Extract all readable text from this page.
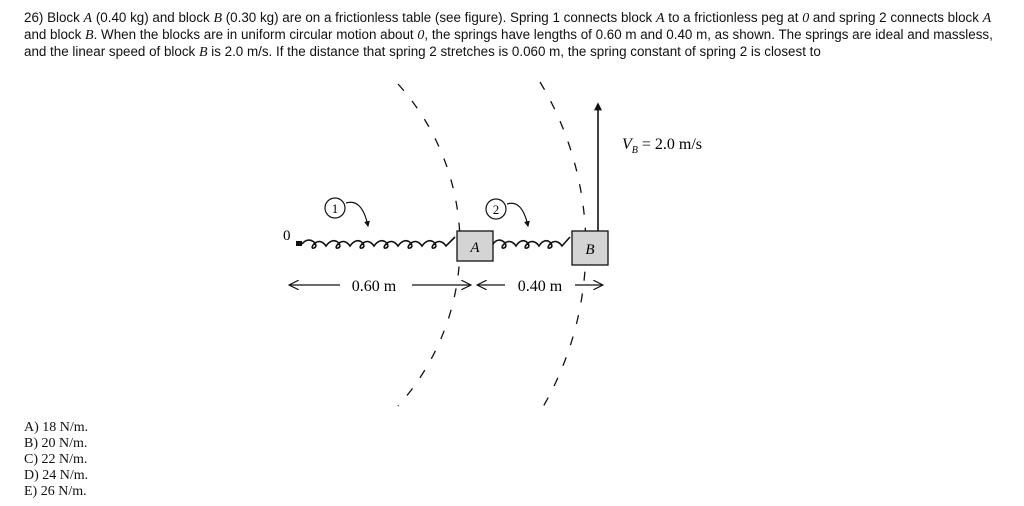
26) Block A (0.40 kg) and block B (0.30 kg) are on a frictionless table (see figure). Spring 1 connects block A to a frictionless peg at 0 and spring 2 connects block A and block B. When the blocks are in uniform circular motion about 0, the springs have lengths of 0.60 m and 0.40 m, as shown. The springs are ideal and massless, and the linear speed of block B is 2.0 m/s. If the distance that spring 2 stretches is 0.060 m, the spring constant of spring 2 is closest to

0
A	B
$V_B = 2.0$ m/s
1	2
0.60 m	0.40 m
A) 18 N/m.
B) 20 N/m.
C) 22 N/m.
D) 24 N/m.
E) 26 N/m.
